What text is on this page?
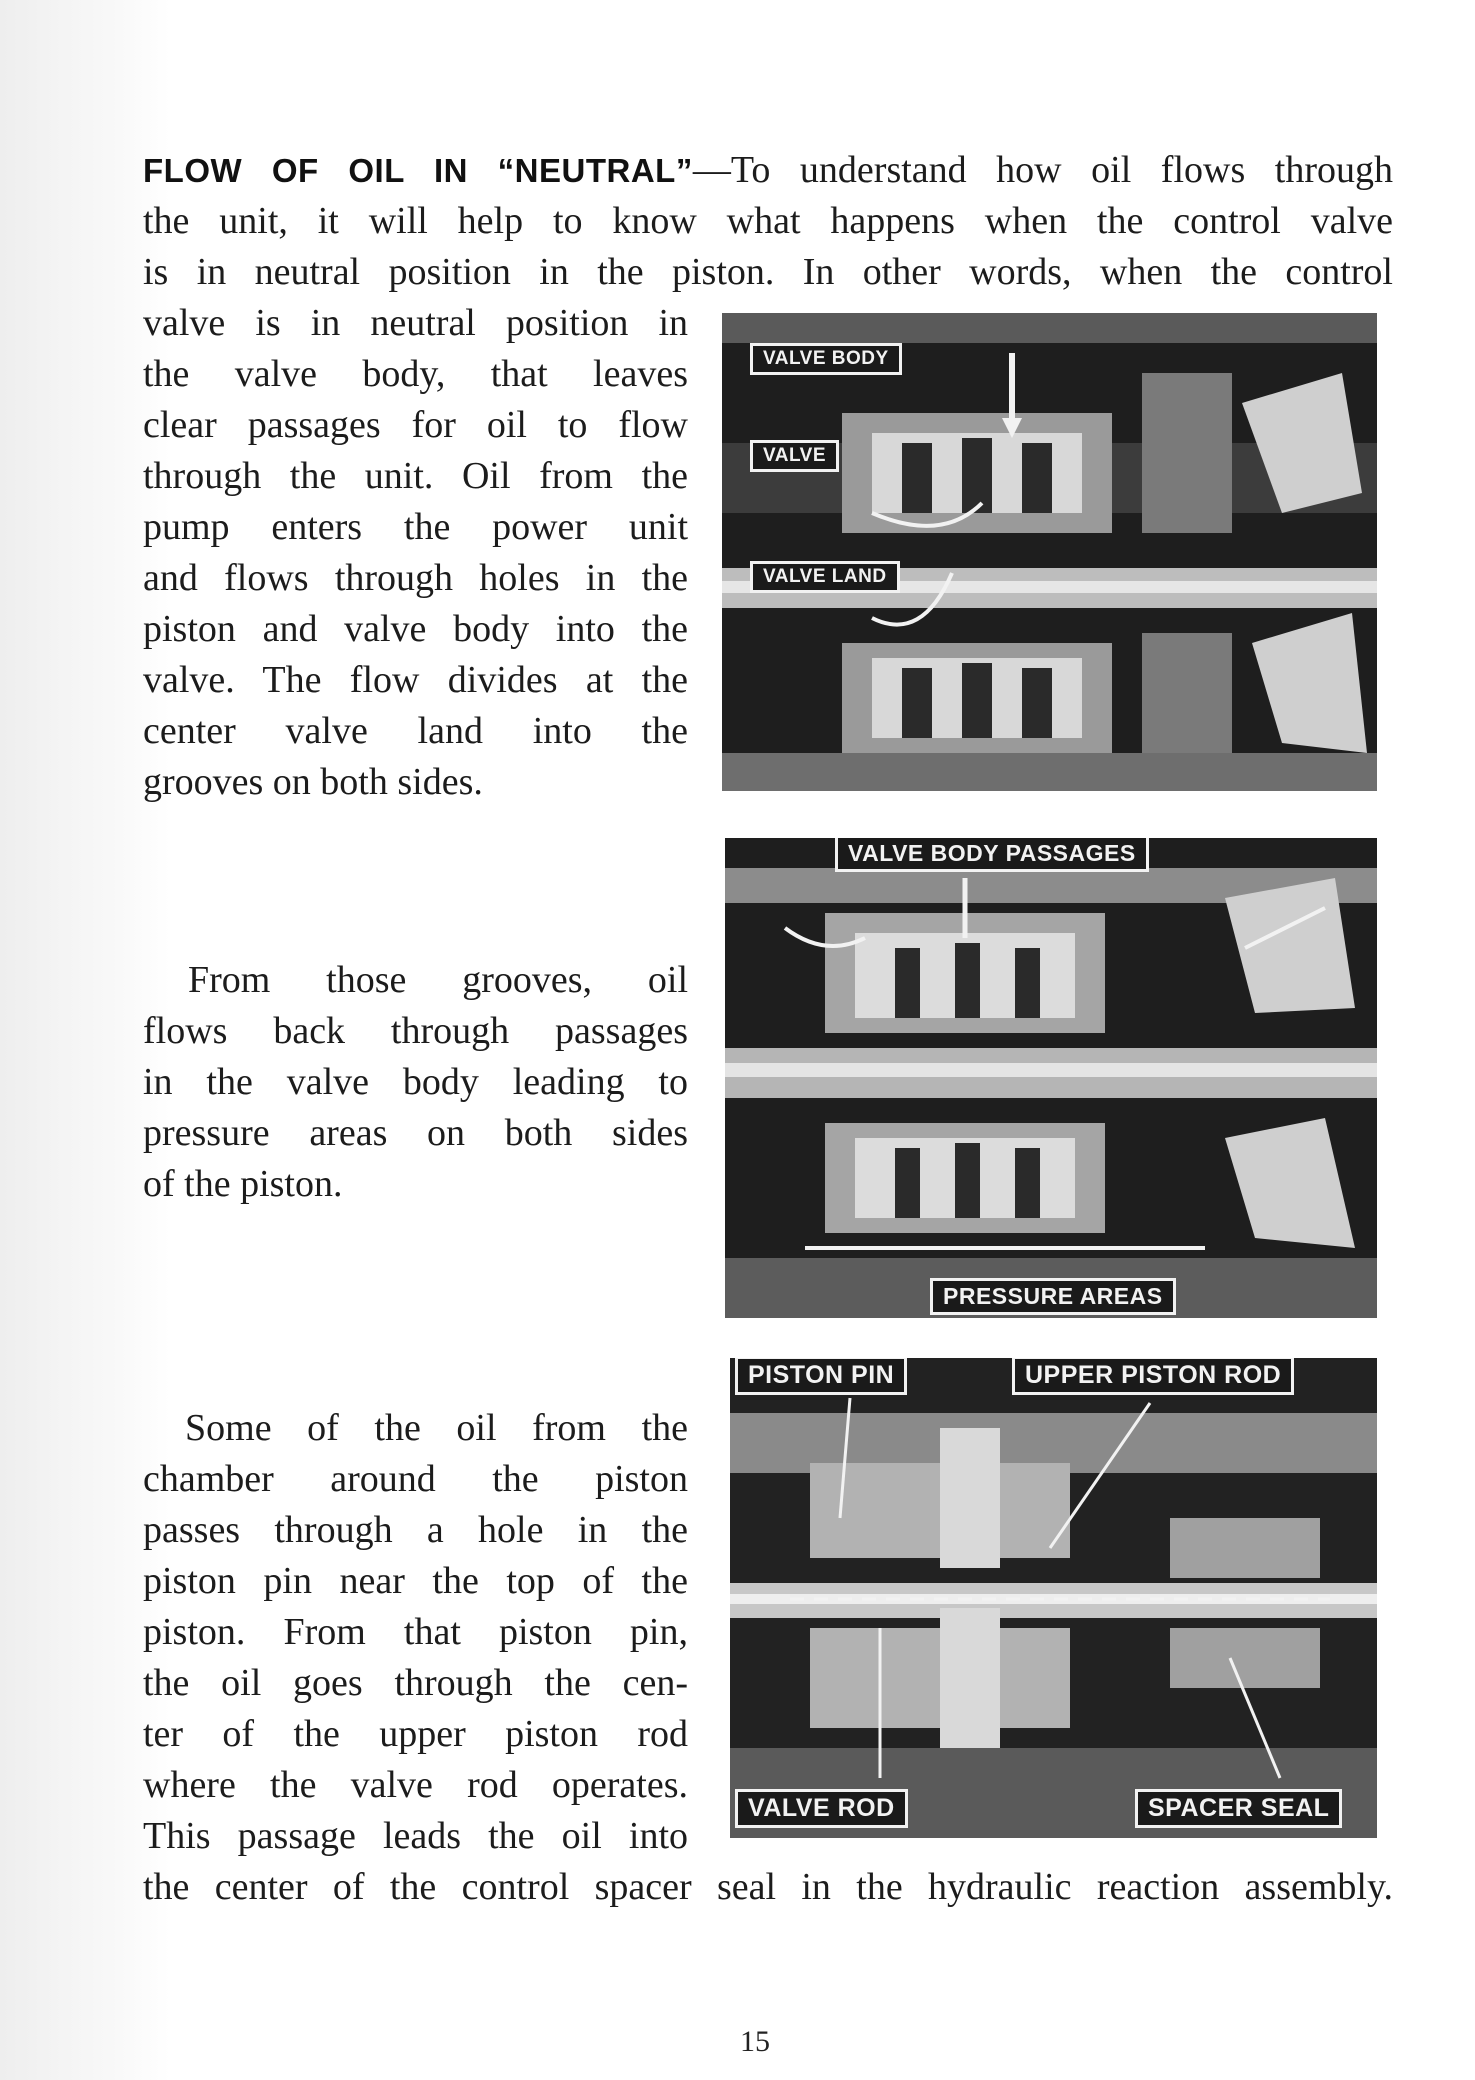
FLOW OF OIL IN “NEUTRAL”—To understand how oil flows through
the unit, it will help to know what happens when the control valve
is in neutral position in the piston. In other words, when the control
valve is in neutral position in
the valve body, that leaves
clear passages for oil to flow
through the unit. Oil from the
pump enters the power unit
and flows through holes in the
piston and valve body into the
valve. The flow divides at the
center valve land into the
grooves on both sides.
From those grooves, oil
flows back through passages
in the valve body leading to
pressure areas on both sides
of the piston.
Some of the oil from the
chamber around the piston
passes through a hole in the
piston pin near the top of the
piston. From that piston pin,
the oil goes through the cen-
ter of the upper piston rod
where the valve rod operates.
This passage leads the oil into
the center of the control spacer seal in the hydraulic reaction assembly.
VALVE BODY
VALVE
VALVE LAND
VALVE BODY PASSAGES
PRESSURE AREAS
PISTON PIN	UPPER PISTON ROD
VALVE ROD	SPACER SEAL
15
